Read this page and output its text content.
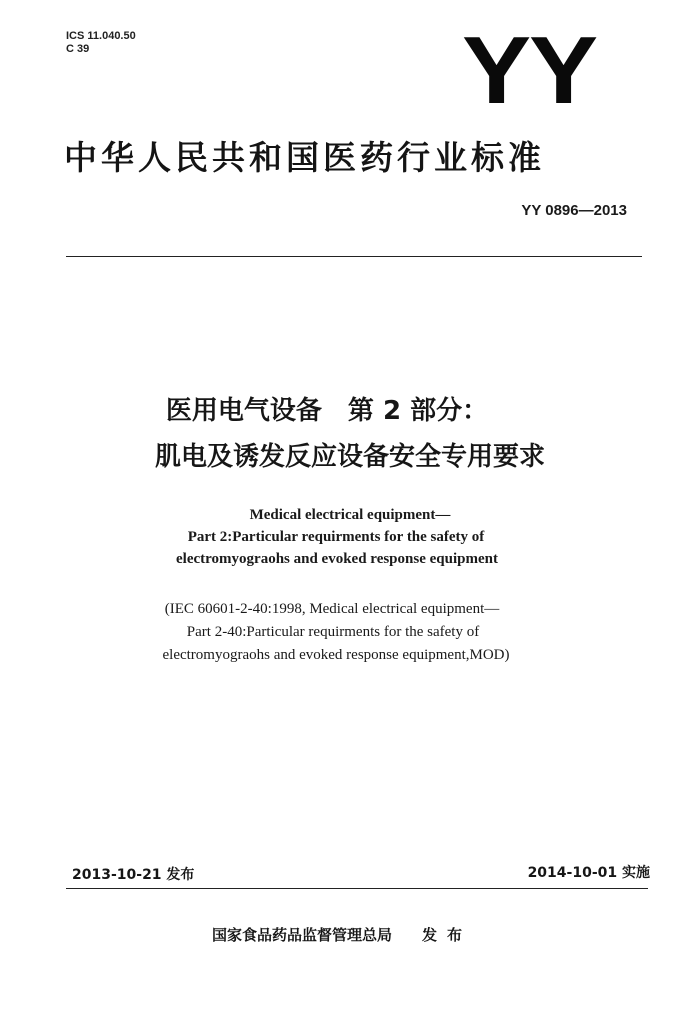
ICS 11.040.50
C 39	YY
中华人民共和国医药行业标准
YY 0896—2013
医用电气设备　第 2 部分：
肌电及诱发反应设备安全专用要求
Medical electrical equipment—
Part 2:Particular requirments for the safety of
electromyograohs and evoked response equipment
(IEC 60601-2-40:1998, Medical electrical equipment—
Part 2-40:Particular requirments for the safety of
electromyograohs and evoked response equipment,MOD)
2013-10-21 发布	2014-10-01 实施
国家食品药品监督管理总局 发布
